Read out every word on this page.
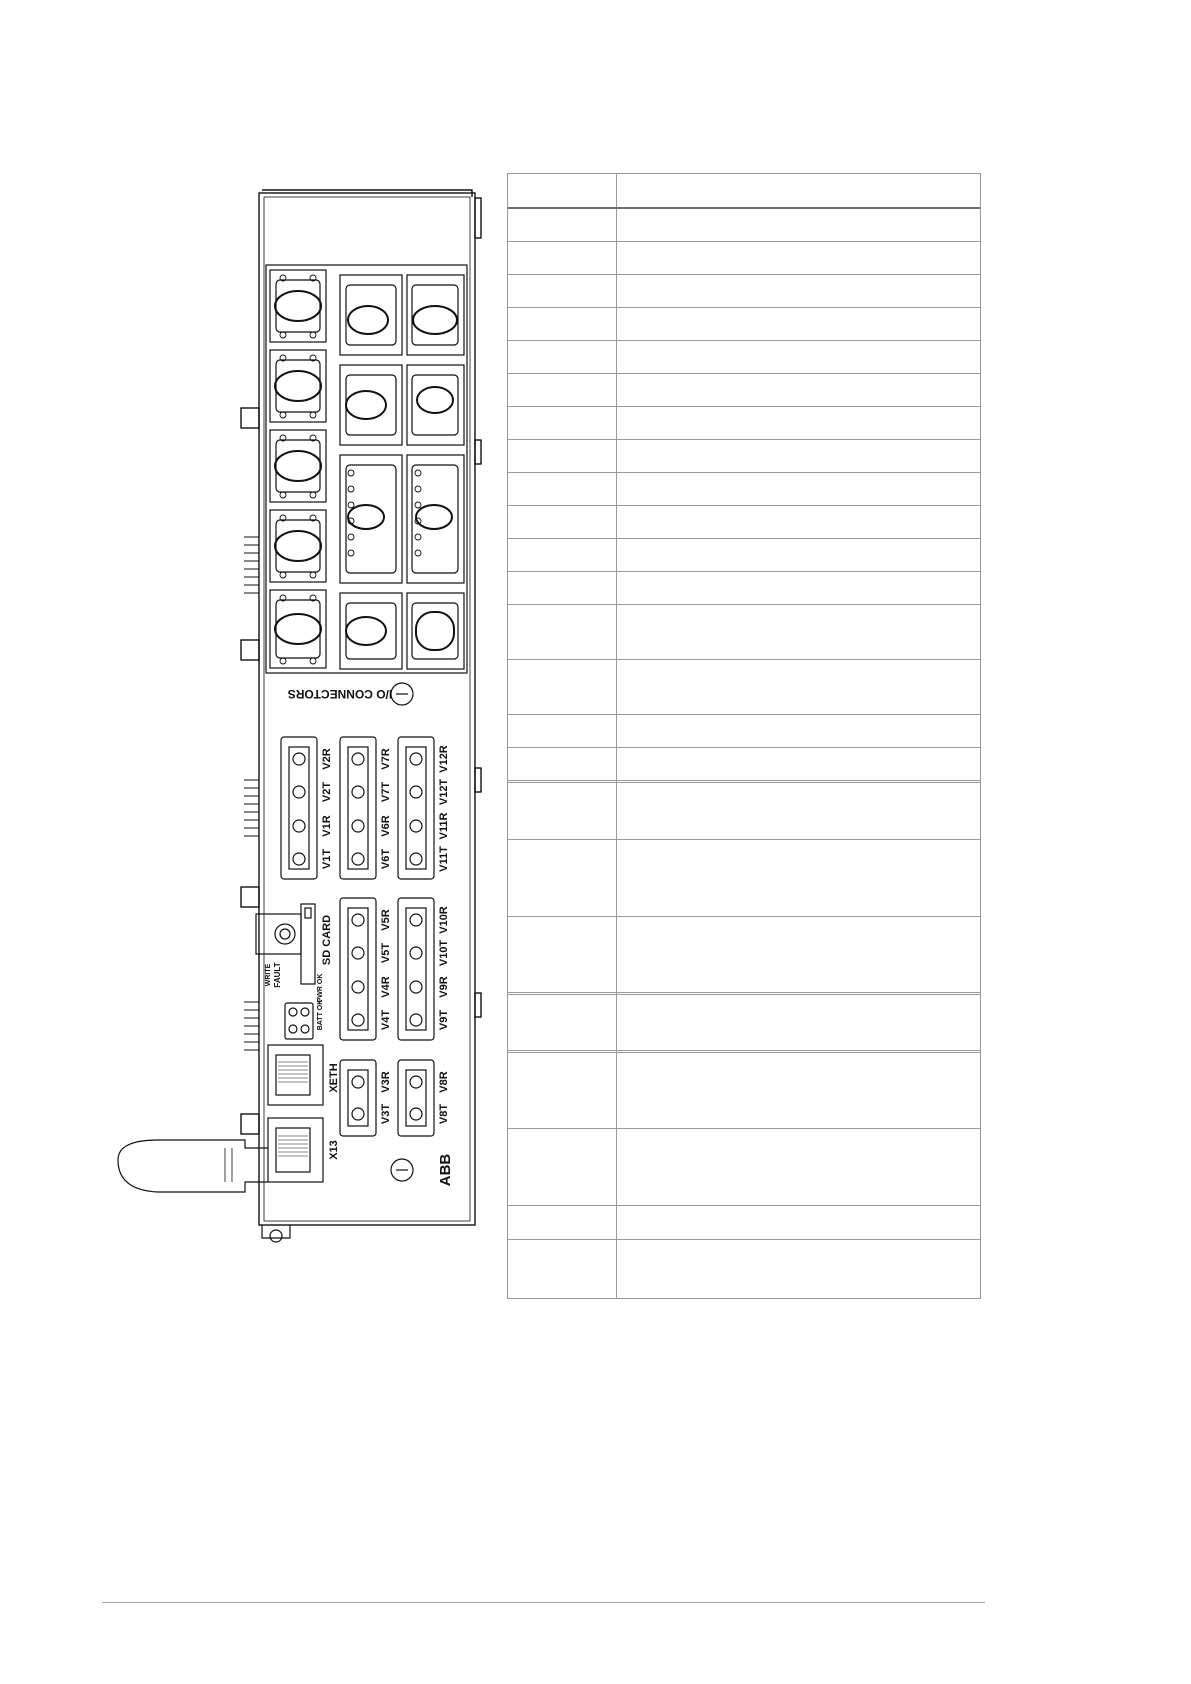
I/O CONNECTORS
V1T
V1R
V2T
V2R
V6T
V6R
V7T
V7R
V11T
V11R
V12T
V12R
V4T
V4R
V5T
V5R
V9T
V9R
V10T
V10R
V3T
V3R
V8T
V8R
SD CARD
PWR OK
BATT OK
WRITE FAULT
XETH
X13
ABB
